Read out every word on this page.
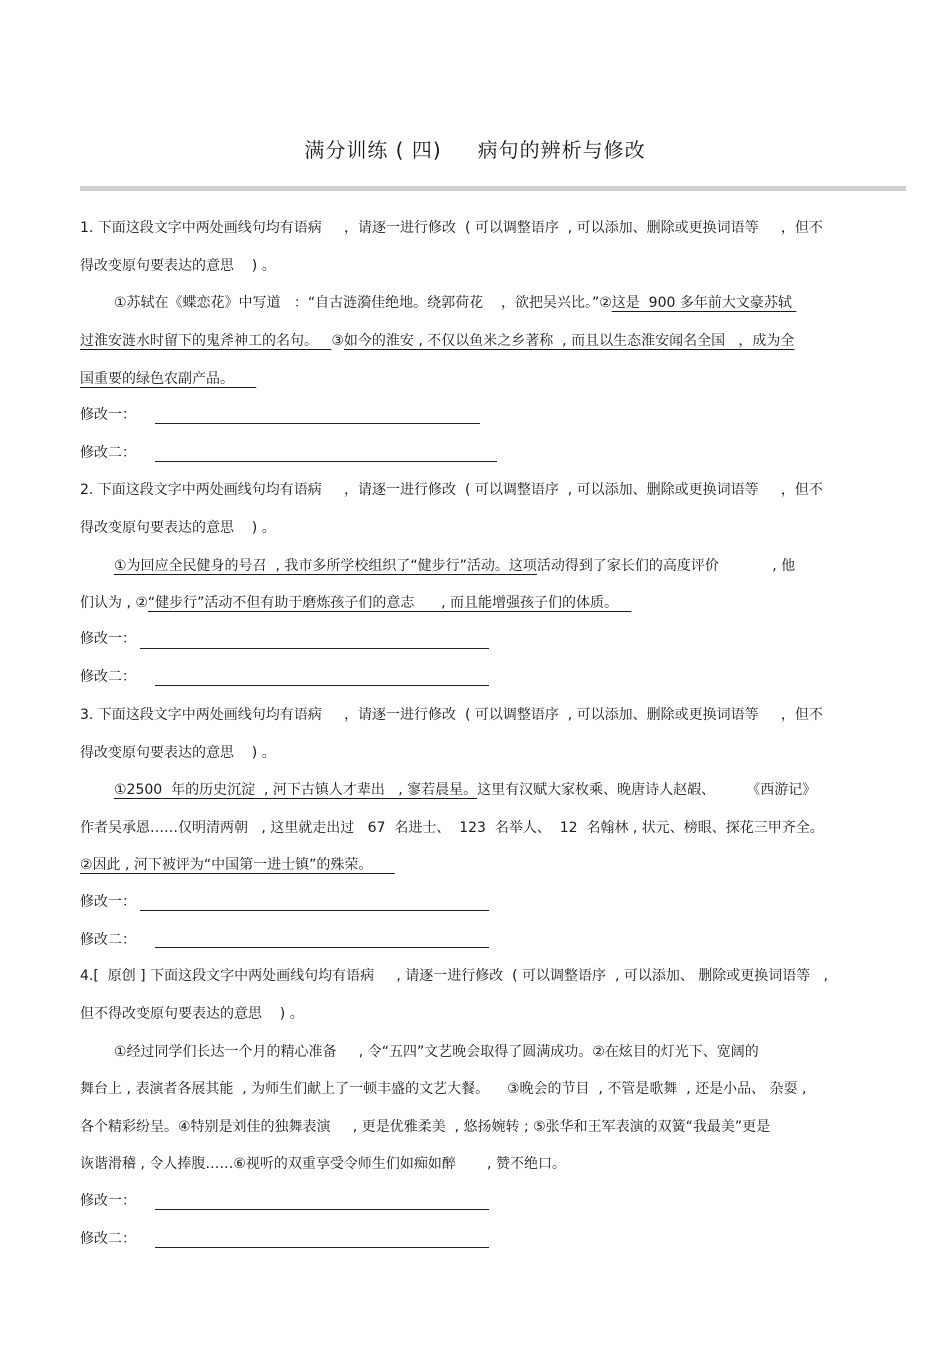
满分训练 ( 四) 病句的辨析与修改
1. 下面这段文字中两处画线句均有语病     ，请逐一进行修改  ( 可以调整语序  , 可以添加、删除或更换词语等     ，但不
得改变原句要表达的意思    ) 。
①苏轼在《蝶恋花》中写道   ：“自古涟漪佳绝地。绕郭荷花    ，欲把吴兴比。”②这是  900 多年前大文豪苏轼
过淮安涟水时留下的鬼斧神工的名句。   ③如今的淮安 , 不仅以鱼米之乡著称  , 而且以生态淮安闻名全国   ，成为全
国重要的绿色农副产品。
修改一：
修改二：
2. 下面这段文字中两处画线句均有语病     ，请逐一进行修改  ( 可以调整语序  , 可以添加、删除或更换词语等     ，但不
得改变原句要表达的意思    ) 。
①为回应全民健身的号召  , 我市多所学校组织了“健步行”活动。这项活动得到了家长们的高度评价            , 他
们认为 , ②“健步行”活动不但有助于磨炼孩子们的意志      , 而且能增强孩子们的体质。
修改一：
修改二：
3. 下面这段文字中两处画线句均有语病     ，请逐一进行修改  ( 可以调整语序  , 可以添加、删除或更换词语等     ，但不
得改变原句要表达的意思    ) 。
①2500  年的历史沉淀  , 河下古镇人才辈出   , 寥若晨星。这里有汉赋大家枚乘、晚唐诗人赵嘏、       《西游记》
作者吴承恩……仅明清两朝   , 这里就走出过   67  名进士、  123  名举人、  12  名翰林 , 状元、榜眼、探花三甲齐全。
②因此 , 河下被评为“中国第一进士镇”的殊荣。
修改一：
修改二：
4.[  原创 ] 下面这段文字中两处画线句均有语病     , 请逐一进行修改  ( 可以调整语序  , 可以添加、 删除或更换词语等   ,
但不得改变原句要表达的意思    ) 。
①经过同学们长达一个月的精心准备     , 令“五四”文艺晚会取得了圆满成功。②在炫目的灯光下、宽阔的
舞台上 , 表演者各展其能  , 为师生们献上了一顿丰盛的文艺大餐。    ③晚会的节目  , 不管是歌舞  , 还是小品、 杂耍 ,
各个精彩纷呈。④特别是刘佳的独舞表演     , 更是优雅柔美  , 悠扬婉转 ; ⑤张华和王军表演的双簧“我最美”更是
诙谐滑稽 , 令人捧腹……⑥视听的双重享受令师生们如痴如醉       , 赞不绝口。
修改一：
修改二：
